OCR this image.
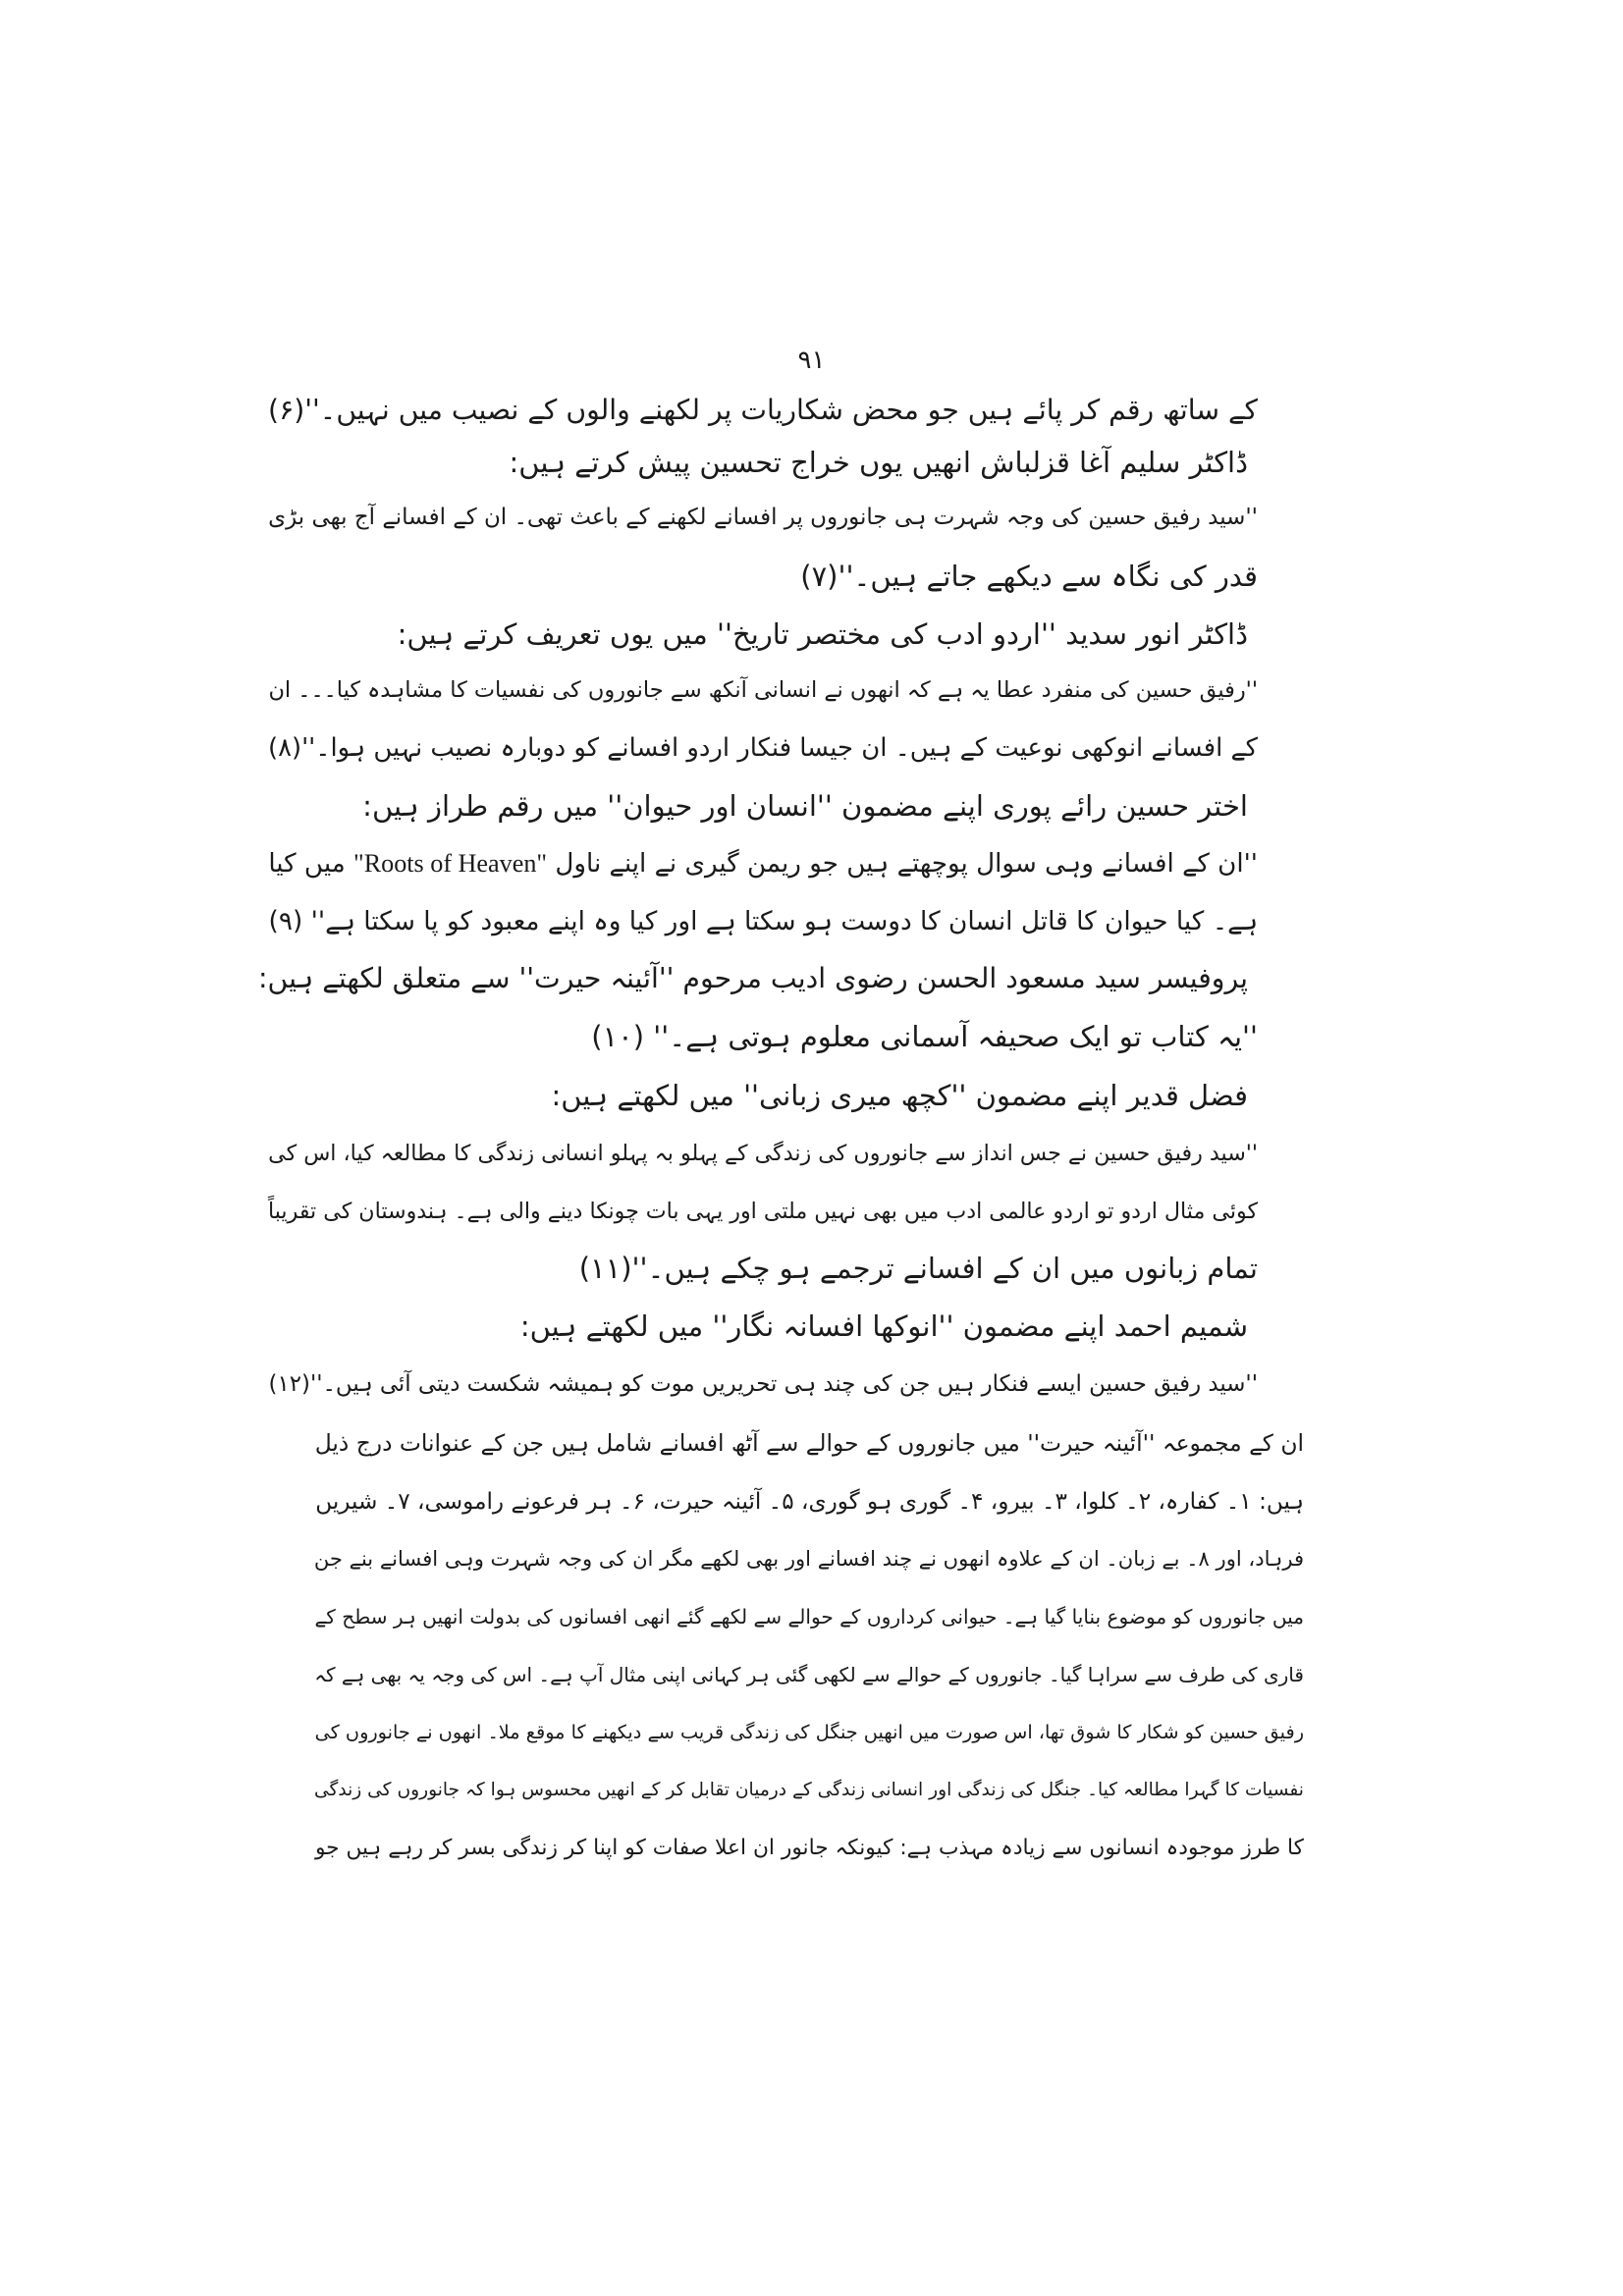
۹۱
کے ساتھ رقم کر پائے ہیں جو محض شکاریات پر لکھنے والوں کے نصیب میں نہیں۔''(۶)
ڈاکٹر سلیم آغا قزلباش انھیں یوں خراج تحسین پیش کرتے ہیں:
''سید رفیق حسین کی وجہ شہرت ہی جانوروں پر افسانے لکھنے کے باعث تھی۔ ان کے افسانے آج بھی بڑی
قدر کی نگاہ سے دیکھے جاتے ہیں۔''(۷)
ڈاکٹر انور سدید ''اردو ادب کی مختصر تاریخ'' میں یوں تعریف کرتے ہیں:
''رفیق حسین کی منفرد عطا یہ ہے کہ انھوں نے انسانی آنکھ سے جانوروں کی نفسیات کا مشاہدہ کیا۔۔۔ ان
کے افسانے انوکھی نوعیت کے ہیں۔ ان جیسا فنکار اردو افسانے کو دوبارہ نصیب نہیں ہوا۔''(۸)
اختر حسین رائے پوری اپنے مضمون ''انسان اور حیوان'' میں رقم طراز ہیں:
''ان کے افسانے وہی سوال پوچھتے ہیں جو ریمن گیری نے اپنے ناول "Roots of Heaven" میں کیا
ہے۔ کیا حیوان کا قاتل انسان کا دوست ہو سکتا ہے اور کیا وہ اپنے معبود کو پا سکتا ہے'' (۹)
پروفیسر سید مسعود الحسن رضوی ادیب مرحوم ''آئینہ حیرت'' سے متعلق لکھتے ہیں:
''یہ کتاب تو ایک صحیفہ آسمانی معلوم ہوتی ہے۔'' (۱۰)
فضل قدیر اپنے مضمون ''کچھ میری زبانی'' میں لکھتے ہیں:
''سید رفیق حسین نے جس انداز سے جانوروں کی زندگی کے پہلو بہ پہلو انسانی زندگی کا مطالعہ کیا، اس کی
کوئی مثال اردو تو اردو عالمی ادب میں بھی نہیں ملتی اور یہی بات چونکا دینے والی ہے۔ ہندوستان کی تقریباً
تمام زبانوں میں ان کے افسانے ترجمے ہو چکے ہیں۔''(۱۱)
شمیم احمد اپنے مضمون ''انوکھا افسانہ نگار'' میں لکھتے ہیں:
''سید رفیق حسین ایسے فنکار ہیں جن کی چند ہی تحریریں موت کو ہمیشہ شکست دیتی آئی ہیں۔''(۱۲)
ان کے مجموعہ ''آئینہ حیرت'' میں جانوروں کے حوالے سے آٹھ افسانے شامل ہیں جن کے عنوانات درج ذیل
ہیں: ۱۔ کفارہ، ۲۔ کلوا، ۳۔ بیرو، ۴۔ گوری ہو گوری، ۵۔ آئینہ حیرت، ۶۔ ہر فرعونے راموسی، ۷۔ شیریں
فرہاد، اور ۸۔ بے زبان۔ ان کے علاوہ انھوں نے چند افسانے اور بھی لکھے مگر ان کی وجہ شہرت وہی افسانے بنے جن
میں جانوروں کو موضوع بنایا گیا ہے۔ حیوانی کرداروں کے حوالے سے لکھے گئے انھی افسانوں کی بدولت انھیں ہر سطح کے
قاری کی طرف سے سراہا گیا۔ جانوروں کے حوالے سے لکھی گئی ہر کہانی اپنی مثال آپ ہے۔ اس کی وجہ یہ بھی ہے کہ
رفیق حسین کو شکار کا شوق تھا، اس صورت میں انھیں جنگل کی زندگی قریب سے دیکھنے کا موقع ملا۔ انھوں نے جانوروں کی
نفسیات کا گہرا مطالعہ کیا۔ جنگل کی زندگی اور انسانی زندگی کے درمیان تقابل کر کے انھیں محسوس ہوا کہ جانوروں کی زندگی
کا طرز موجودہ انسانوں سے زیادہ مہذب ہے: کیونکہ جانور ان اعلا صفات کو اپنا کر زندگی بسر کر رہے ہیں جو
